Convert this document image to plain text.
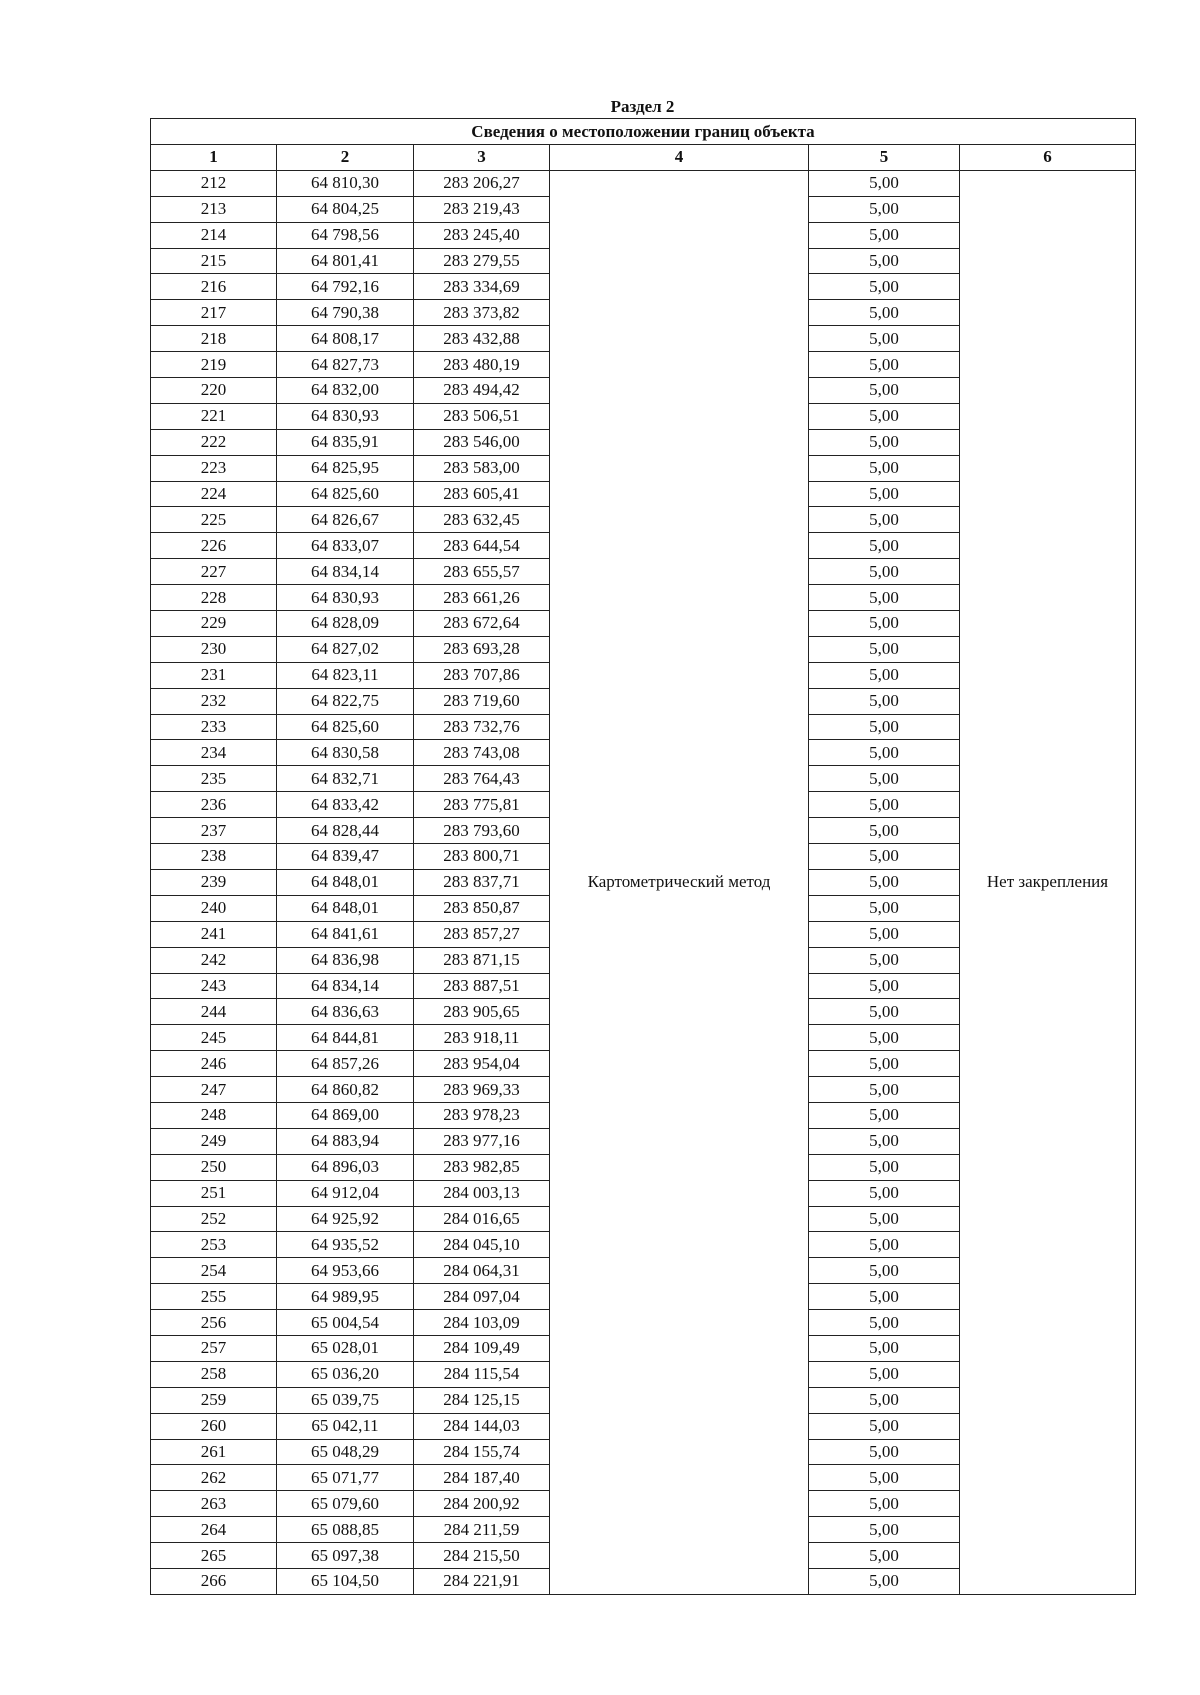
Раздел 2
Сведения о местоположении границ объекта					
1	2	3	4	5	6
212	64 810,30	283 206,27	Картометрический метод	5,00	Нет закрепления
213	64 804,25	283 219,43		5,00	
214	64 798,56	283 245,40		5,00	
215	64 801,41	283 279,55		5,00	
216	64 792,16	283 334,69		5,00	
217	64 790,38	283 373,82		5,00	
218	64 808,17	283 432,88		5,00	
219	64 827,73	283 480,19		5,00	
220	64 832,00	283 494,42		5,00	
221	64 830,93	283 506,51		5,00	
222	64 835,91	283 546,00		5,00	
223	64 825,95	283 583,00		5,00	
224	64 825,60	283 605,41		5,00	
225	64 826,67	283 632,45		5,00	
226	64 833,07	283 644,54		5,00	
227	64 834,14	283 655,57		5,00	
228	64 830,93	283 661,26		5,00	
229	64 828,09	283 672,64		5,00	
230	64 827,02	283 693,28		5,00	
231	64 823,11	283 707,86		5,00	
232	64 822,75	283 719,60		5,00	
233	64 825,60	283 732,76		5,00	
234	64 830,58	283 743,08		5,00	
235	64 832,71	283 764,43		5,00	
236	64 833,42	283 775,81		5,00	
237	64 828,44	283 793,60		5,00	
238	64 839,47	283 800,71		5,00	
239	64 848,01	283 837,71		5,00	
240	64 848,01	283 850,87		5,00	
241	64 841,61	283 857,27		5,00	
242	64 836,98	283 871,15		5,00	
243	64 834,14	283 887,51		5,00	
244	64 836,63	283 905,65		5,00	
245	64 844,81	283 918,11		5,00	
246	64 857,26	283 954,04		5,00	
247	64 860,82	283 969,33		5,00	
248	64 869,00	283 978,23		5,00	
249	64 883,94	283 977,16		5,00	
250	64 896,03	283 982,85		5,00	
251	64 912,04	284 003,13		5,00	
252	64 925,92	284 016,65		5,00	
253	64 935,52	284 045,10		5,00	
254	64 953,66	284 064,31		5,00	
255	64 989,95	284 097,04		5,00	
256	65 004,54	284 103,09		5,00	
257	65 028,01	284 109,49		5,00	
258	65 036,20	284 115,54		5,00	
259	65 039,75	284 125,15		5,00	
260	65 042,11	284 144,03		5,00	
261	65 048,29	284 155,74		5,00	
262	65 071,77	284 187,40		5,00	
263	65 079,60	284 200,92		5,00	
264	65 088,85	284 211,59		5,00	
265	65 097,38	284 215,50		5,00	
266	65 104,50	284 221,91		5,00	
